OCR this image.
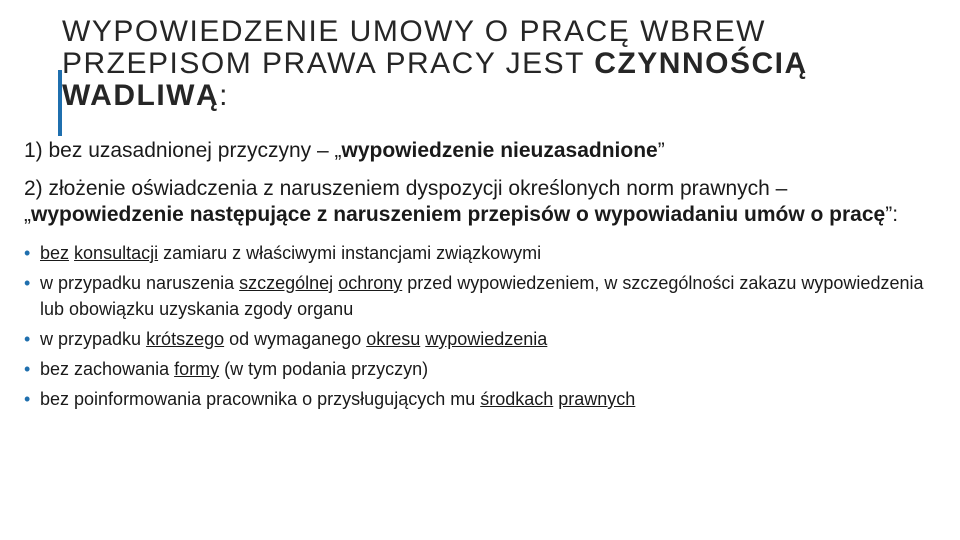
WYPOWIEDZENIE UMOWY O PRACĘ WBREW PRZEPISOM PRAWA PRACY JEST CZYNNOŚCIĄ WADLIWĄ:

1) bez uzasadnionej przyczyny – „wypowiedzenie nieuzasadnione”

2) złożenie oświadczenia z naruszeniem dyspozycji określonych norm prawnych – „wypowiedzenie następujące z naruszeniem przepisów o wypowiadaniu umów o pracę”:

• bez konsultacji zamiaru z właściwymi instancjami związkowymi
• w przypadku naruszenia szczególnej ochrony przed wypowiedzeniem, w szczególności zakazu wypowiedzenia lub obowiązku uzyskania zgody organu
• w przypadku krótszego od wymaganego okresu wypowiedzenia
• bez zachowania formy (w tym podania przyczyn)
• bez poinformowania pracownika o przysługujących mu środkach prawnych
